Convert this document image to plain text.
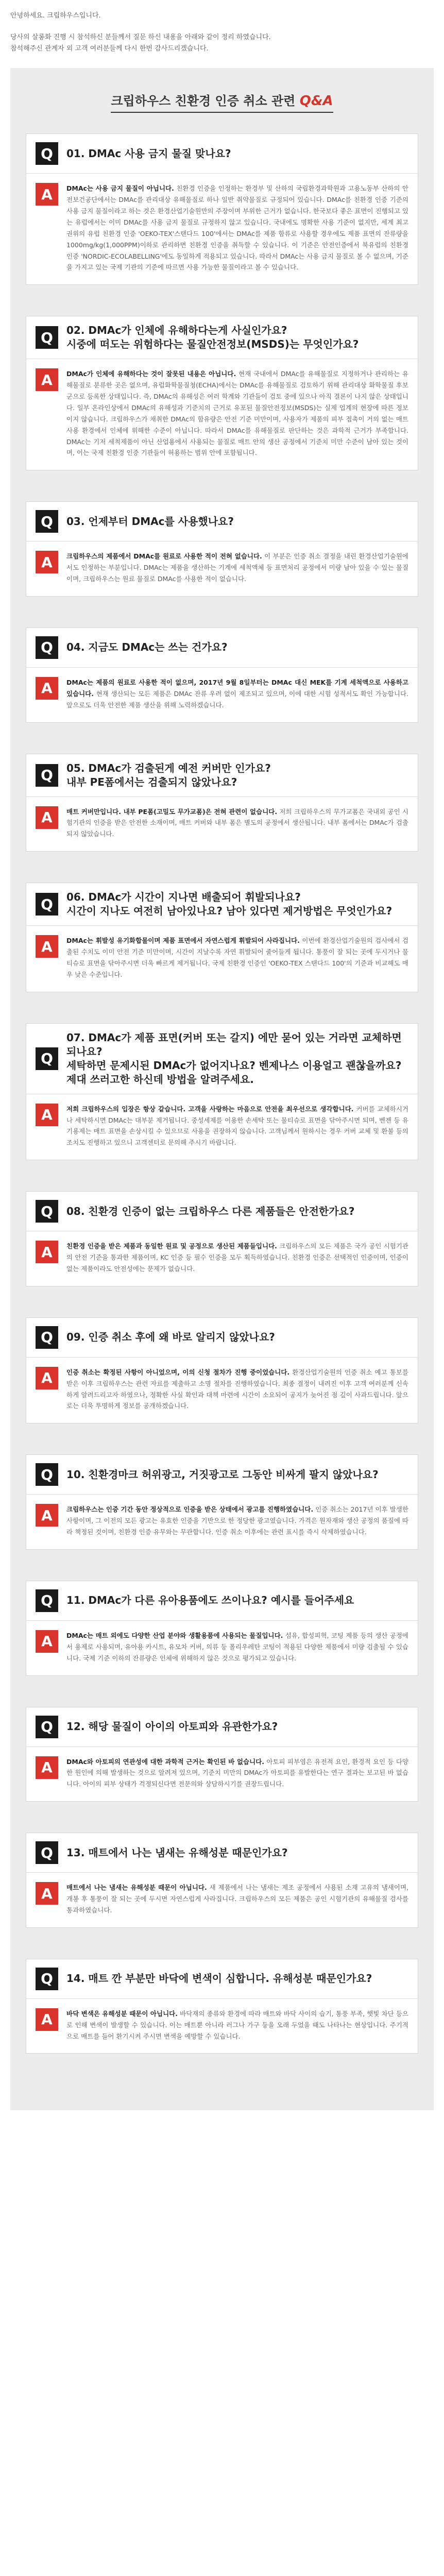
안녕하세요. 크립하우스입니다.

당사의 살롱화 진행 시 참석하신 분들께서 질문 하신 내용을 아래와 같이 정리 하였습니다.

참석해주신 관계자 외 고객 여러분들께 다시 한번 감사드리겠습니다.

크립하우스 친환경 인증 취소 관련 Q&A
Q	01. DMAc 사용 금지 물질 맞나요?
A	DMAc는 사용 금지 물질이 아닙니다. 친환경 인증을 인정하는 환경부 및 산하의 국립환경과학원과 고용노동부 산하의 안전보건공단에서는 DMAc를 관리대상 유해물질로 하나 일반 취약물질로 규정되어 있습니다. DMAc를 친환경 인증 기준의 사용 금지 물질이라고 하는 것은 환경산업기술원만의 주장이며 부위한 근거가 없습니다. 한국보다 좋은 표면이 진행되고 있는 유럽에서는 이미 DMAc를 사용 금지 물질로 규정하지 않고 있습니다. 국내에도 명확한 사용 기준이 없지만, 세계 최고 권위의 유럽 친환경 인증 'OEKO-TEX'스탠다드 100'에서는 DMAc를 제품 함류로 사용할 경우에도 제품 표면의 잔류량을 1000mg/kg(1,000PPM)이하로 관리하면 친환경 인증을 취득할 수 있습니다. 이 기준은 안전인증에서 북유럽의 친환경 인증 'NORDIC-ECOLABELLING'에도 동일하게 적용되고 있습니다. 따라서 DMAc는 사용 금지 물질로 볼 수 없으며, 기준을 가지고 있는 국제 기관의 기준에 따르면 사용 가능한 물질이라고 볼 수 있습니다.
Q	02. DMAc가 인체에 유해하다는게 사실인가요?
시중에 떠도는 위험하다는 물질안전정보(MSDS)는 무엇인가요?
A	DMAc가 인체에 유해하다는 것이 잘못된 내용은 아닙니다. 현재 국내에서 DMAc를 유해물질로 지정하거나 관리하는 유해물질로 분류한 곳은 없으며, 유럽화학물질청(ECHA)에서는 DMAc를 유해물질로 검토하기 위해 관리대상 화학물질 후보군으로 등록한 상태입니다. 즉, DMAc의 유해성은 여러 학계와 기관들이 검토 중에 있으나 아직 결론이 나지 않은 상태입니다. 일부 온라인상에서 DMAc의 유해성과 기준치의 근거로 유포된 물질안전정보(MSDS)는 실제 업계의 현장에 따른 정보이지 않습니다. 크립하우스가 채취한 DMAc의 함유량은 안전 기준 미만이며, 사용자가 제품의 피부 접촉이 거의 없는 매트 사용 환경에서 인체에 위해한 수준이 아닙니다. 따라서 DMAc를 유해물질로 판단하는 것은 과학적 근거가 부족합니다. DMAc는 기저 세척제품이 아닌 산업용에서 사용되는 물질로 매트 안의 생산 공정에서 기준치 미만 수준이 남아 있는 것이며, 이는 국제 친환경 인증 기관들이 허용하는 범위 안에 포함됩니다.
Q	03. 언제부터 DMAc를 사용했나요?
A	크립하우스의 제품에서 DMAc를 원료로 사용한 적이 전혀 없습니다. 이 부분은 인증 취소 결정을 내린 환경산업기술원에서도 인정하는 부분입니다. DMAc는 제품을 생산하는 기계에 세척액체 등 표면처리 공정에서 미량 남아 있을 수 있는 물질이며, 크립하우스는 원료 물질로 DMAc를 사용한 적이 없습니다.
Q	04. 지금도 DMAc는 쓰는 건가요?
A	DMAc는 제품의 원료로 사용한 적이 없으며, 2017년 9월 8일부터는 DMAc 대신 MEK를 기계 세척액으로 사용하고 있습니다. 현재 생산되는 모든 제품은 DMAc 잔류 우려 없이 제조되고 있으며, 이에 대한 시험 성적서도 확인 가능합니다. 앞으로도 더욱 안전한 제품 생산을 위해 노력하겠습니다.
Q	05. DMAc가 검출된게 예전 커버만 인가요?
내부 PE폼에서는 검출되지 않았나요?
A	매트 커버만입니다. 내부 PE폼(고밀도 무가교폼)은 전혀 관련이 없습니다. 저희 크립하우스의 무가교폼은 국내외 공인 시험기관의 인증을 받은 안전한 소재이며, 매트 커버와 내부 폼은 별도의 공정에서 생산됩니다. 내부 폼에서는 DMAc가 검출되지 않았습니다.
Q	06. DMAc가 시간이 지나면 배출되어 휘발되나요?
시간이 지나도 여전히 남아있나요? 남아 있다면 제거방법은 무엇인가요?
A	DMAc는 휘발성 유기화합물이며 제품 표면에서 자연스럽게 휘발되어 사라집니다. 이번에 환경산업기술원의 검사에서 검출된 수치도 이미 안전 기준 미만이며, 시간이 지날수록 자연 휘발되어 줄어들게 됩니다. 통풍이 잘 되는 곳에 두시거나 물티슈로 표면을 닦아주시면 더욱 빠르게 제거됩니다. 국제 친환경 인증인 'OEKO-TEX 스탠다드 100'의 기준과 비교해도 매우 낮은 수준입니다.
Q
07. DMAc가 제품 표면(커버 또는 갈지) 에만 묻어 있는 거라면 교체하면 되나요?
세탁하면 문제시된 DMAc가 없어지나요? 벤제나스 이용얼고 괜찮을까요?
제대 쓰러고한 하신데 방법을 알려주세요.
A	저희 크립하우스의 입장은 항상 같습니다. 고객을 사랑하는 마음으로 안전을 최우선으로 생각합니다. 커버를 교체하시거나 세탁하시면 DMAc는 대부분 제거됩니다. 중성세제를 이용한 손세탁 또는 물티슈로 표면을 닦아주시면 되며, 벤젠 등 유기용제는 매트 표면을 손상시킬 수 있으므로 사용을 권장하지 않습니다. 고객님께서 원하시는 경우 커버 교체 및 환불 등의 조치도 진행하고 있으니 고객센터로 문의해 주시기 바랍니다.
Q	08. 친환경 인증이 없는 크립하우스 다른 제품들은 안전한가요?
A	친환경 인증을 받은 제품과 동일한 원료 및 공정으로 생산된 제품들입니다. 크립하우스의 모든 제품은 국가 공인 시험기관의 안전 기준을 통과한 제품이며, KC 인증 등 필수 인증을 모두 획득하였습니다. 친환경 인증은 선택적인 인증이며, 인증이 없는 제품이라도 안전성에는 문제가 없습니다.
Q	09. 인증 취소 후에 왜 바로 알리지 않았나요?
A	인증 취소는 확정된 사항이 아니었으며, 이의 신청 절차가 진행 중이었습니다. 환경산업기술원의 인증 취소 예고 통보를 받은 이후 크립하우스는 관련 자료를 제출하고 소명 절차를 진행하였습니다. 최종 결정이 내려진 이후 고객 여러분께 신속하게 알려드리고자 하였으나, 정확한 사실 확인과 대책 마련에 시간이 소요되어 공지가 늦어진 점 깊이 사과드립니다. 앞으로는 더욱 투명하게 정보를 공개하겠습니다.
Q	10. 친환경마크 허위광고, 거짓광고로 그동안 비싸게 팔지 않았나요?
A	크립하우스는 인증 기간 동안 정상적으로 인증을 받은 상태에서 광고를 진행하였습니다. 인증 취소는 2017년 이후 발생한 사항이며, 그 이전의 모든 광고는 유효한 인증을 기반으로 한 정당한 광고였습니다. 가격은 원자재와 생산 공정의 품질에 따라 책정된 것이며, 친환경 인증 유무와는 무관합니다. 인증 취소 이후에는 관련 표시를 즉시 삭제하였습니다.
Q	11. DMAc가 다른 유아용품에도 쓰이나요? 예시를 들어주세요
A	DMAc는 매트 외에도 다양한 산업 분야와 생활용품에 사용되는 물질입니다. 섬유, 합성피혁, 코팅 제품 등의 생산 공정에서 용제로 사용되며, 유아용 카시트, 유모차 커버, 의류 등 폴리우레탄 코팅이 적용된 다양한 제품에서 미량 검출될 수 있습니다. 국제 기준 이하의 잔류량은 인체에 위해하지 않은 것으로 평가되고 있습니다.
Q	12. 해당 물질이 아이의 아토피와 유관한가요?
A	DMAc와 아토피의 연관성에 대한 과학적 근거는 확인된 바 없습니다. 아토피 피부염은 유전적 요인, 환경적 요인 등 다양한 원인에 의해 발생하는 것으로 알려져 있으며, 기준치 미만의 DMAc가 아토피를 유발한다는 연구 결과는 보고된 바 없습니다. 아이의 피부 상태가 걱정되신다면 전문의와 상담하시기를 권장드립니다.
Q	13. 매트에서 나는 냄새는 유해성분 때문인가요?
A	매트에서 나는 냄새는 유해성분 때문이 아닙니다. 새 제품에서 나는 냄새는 제조 공정에서 사용된 소재 고유의 냄새이며, 개봉 후 통풍이 잘 되는 곳에 두시면 자연스럽게 사라집니다. 크립하우스의 모든 제품은 공인 시험기관의 유해물질 검사를 통과하였습니다.
Q	14. 매트 깐 부분만 바닥에 변색이 심합니다. 유해성분 때문인가요?
A	바닥 변색은 유해성분 때문이 아닙니다. 바닥재의 종류와 환경에 따라 매트와 바닥 사이의 습기, 통풍 부족, 햇빛 차단 등으로 인해 변색이 발생할 수 있습니다. 이는 매트뿐 아니라 러그나 가구 등을 오래 두었을 때도 나타나는 현상입니다. 주기적으로 매트를 들어 환기시켜 주시면 변색을 예방할 수 있습니다.
